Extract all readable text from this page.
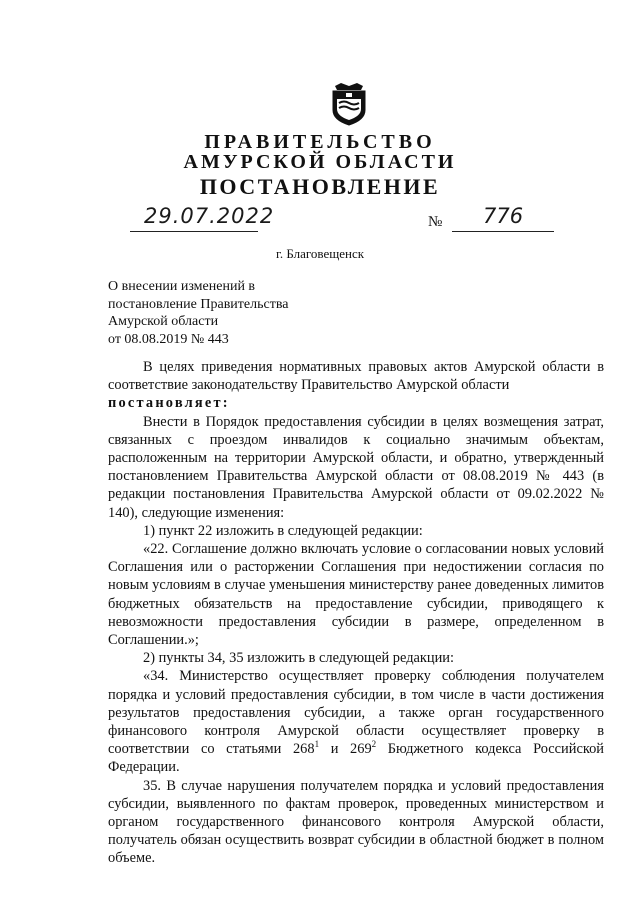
ПРАВИТЕЛЬСТВО
АМУРСКОЙ ОБЛАСТИ
ПОСТАНОВЛЕНИЕ
29.07.2022	№ 776
г. Благовещенск
О внесении изменений в
постановление Правительства
Амурской области
от 08.08.2019 № 443

В целях приведения нормативных правовых актов Амурской области в

соответствие законодательству Правительство Амурской области

постановляет:

Внести в Порядок предоставления субсидии в целях возмещения затрат, связанных с проездом инвалидов к социально значимым объектам, расположенным на территории Амурской области, и обратно, утвержденный постановлением Правительства Амурской области от 08.08.2019 № 443 (в редакции постановления Правительства Амурской области от 09.02.2022 № 140), следующие изменения:

1) пункт 22 изложить в следующей редакции:

«22. Соглашение должно включать условие о согласовании новых условий Соглашения или о расторжении Соглашения при недостижении согласия по новым условиям в случае уменьшения министерству ранее доведенных лимитов бюджетных обязательств на предоставление субсидии, приводящего к невозможности предоставления субсидии в размере, определенном в Соглашении.»;

2) пункты 34, 35 изложить в следующей редакции:

«34. Министерство осуществляет проверку соблюдения получателем порядка и условий предоставления субсидии, в том числе в части достижения результатов предоставления субсидии, а также орган государственного финансового контроля Амурской области осуществляет проверку в соответствии со статьями $268^1$ и $269^2$ Бюджетного кодекса Российской Федерации.

35. В случае нарушения получателем порядка и условий предоставления субсидии, выявленного по фактам проверок, проведенных министерством и органом государственного финансового контроля Амурской области, получатель обязан осуществить возврат субсидии в областной бюджет в полном объеме.
